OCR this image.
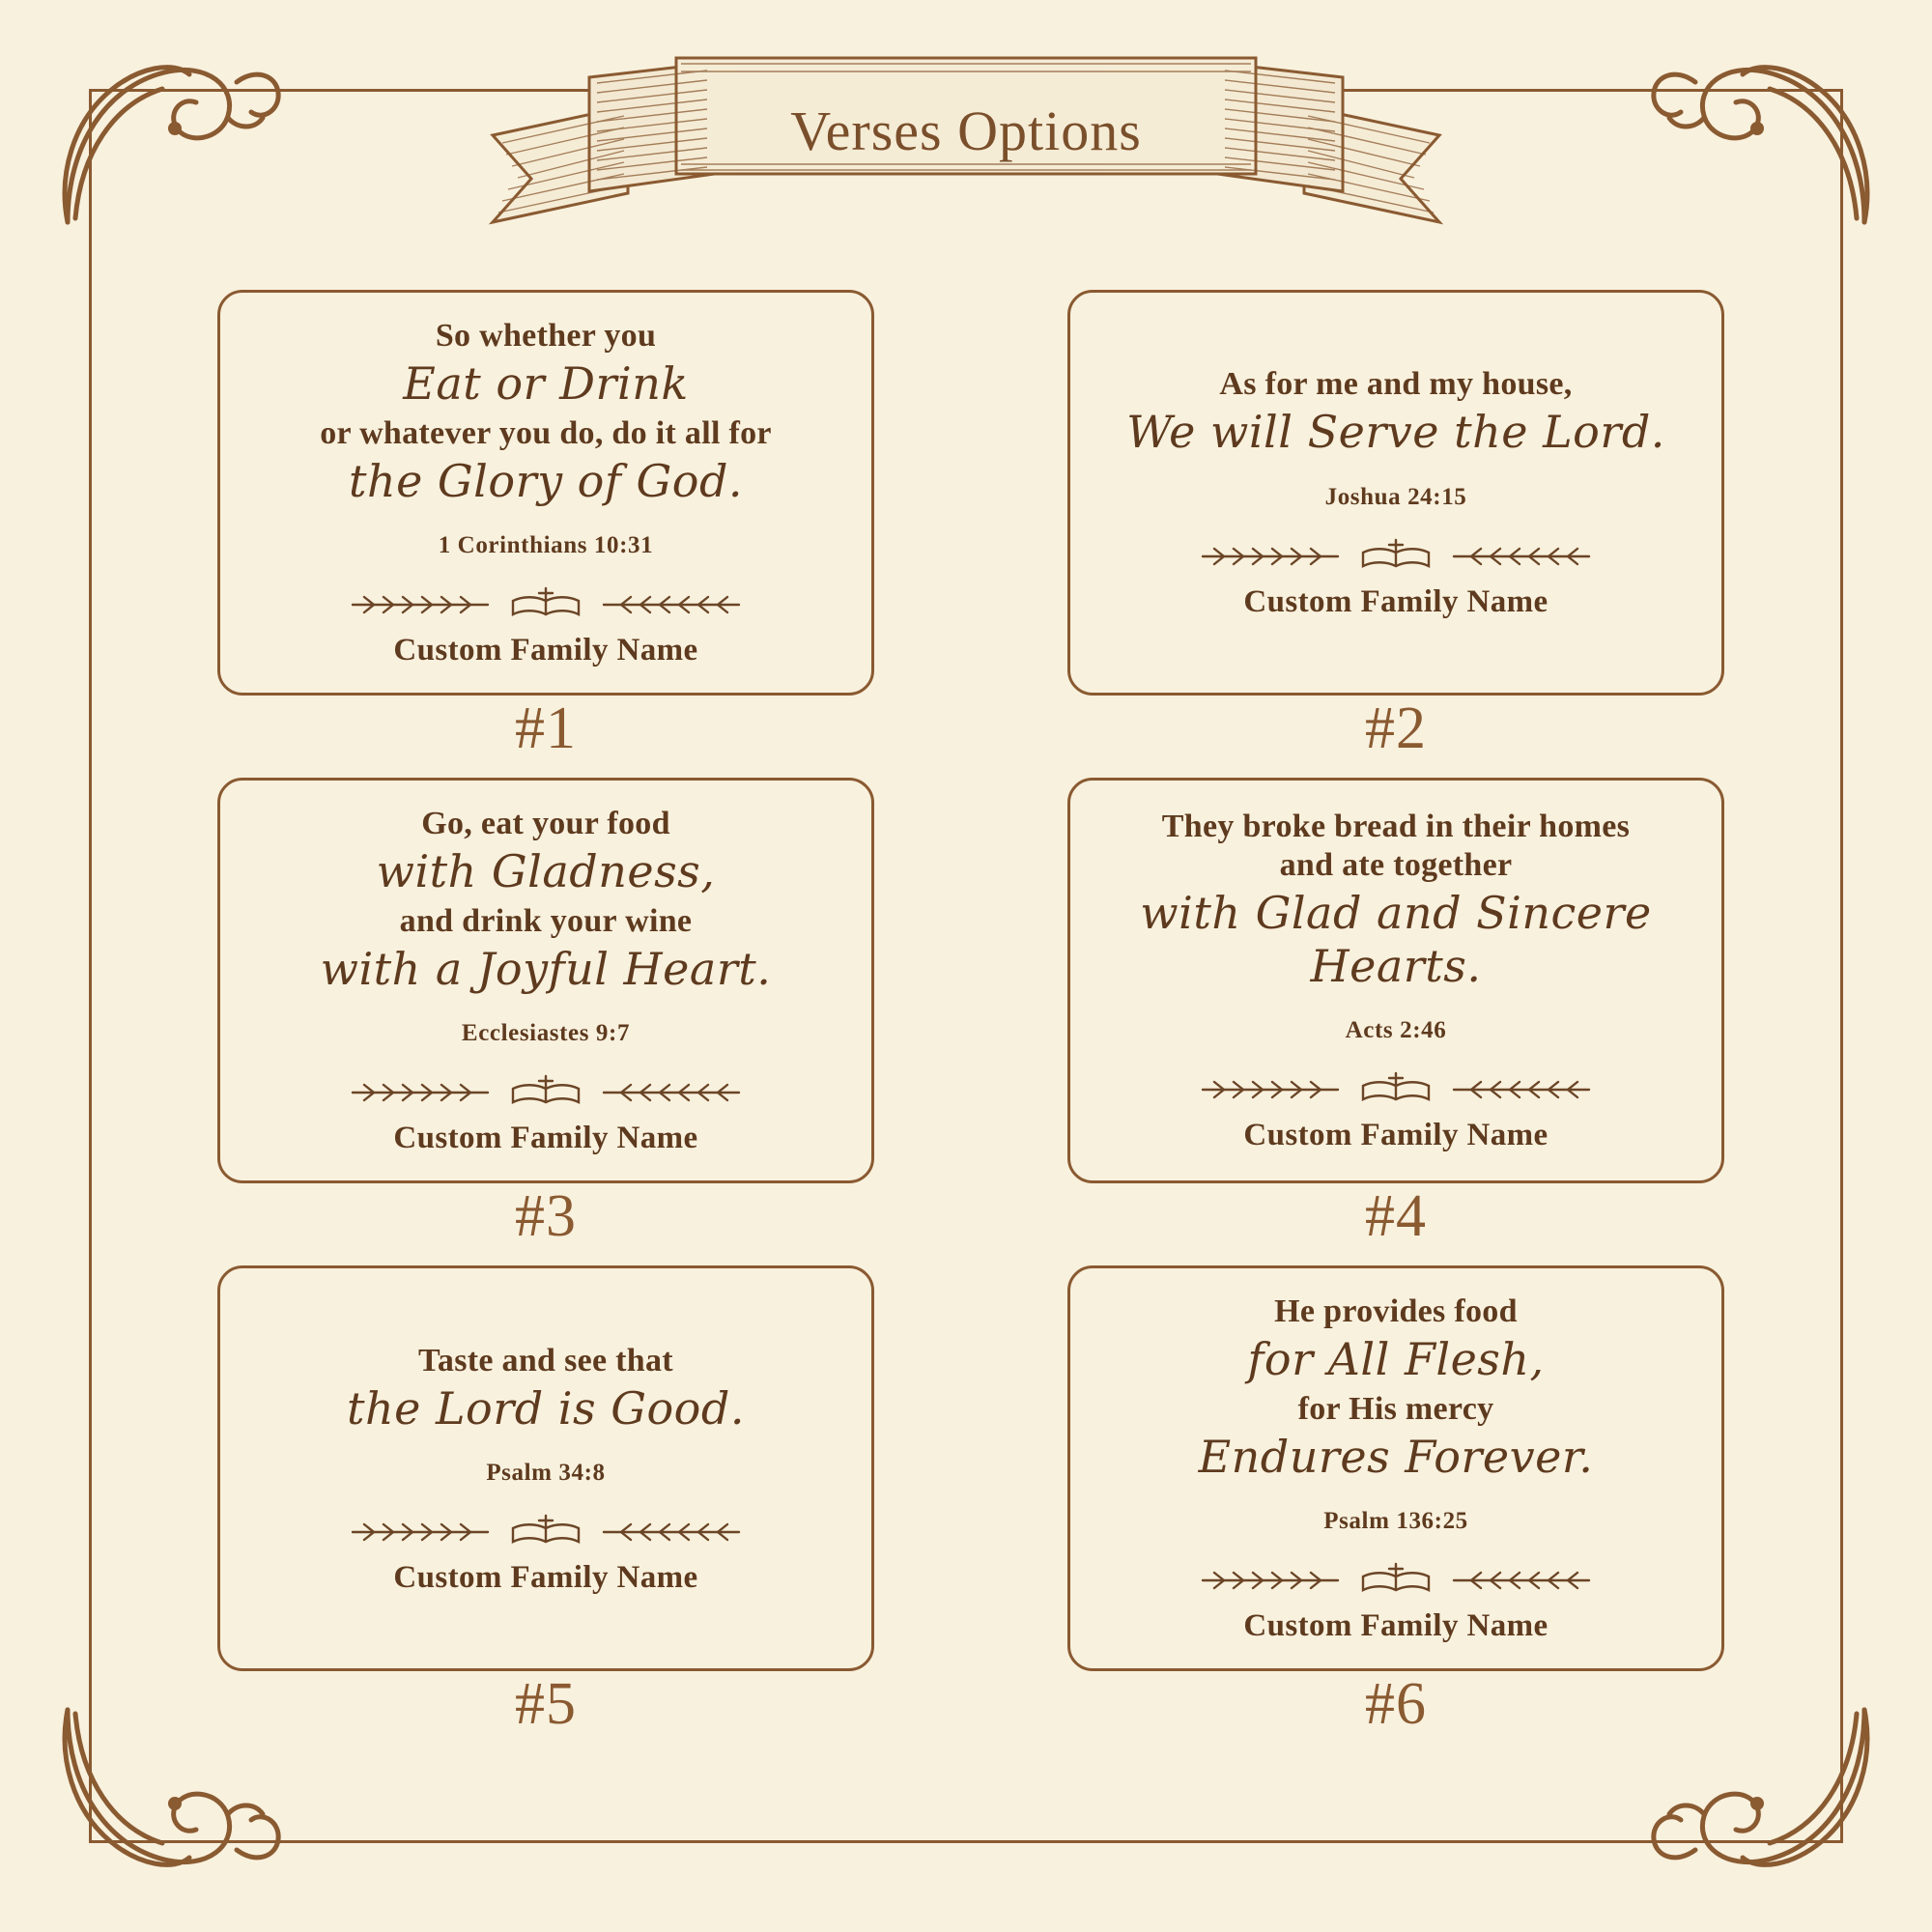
Verses Options
So whether you
Eat or Drink
or whatever you do, do it all for
the Glory of God.
1 Corinthians 10:31
Custom Family Name
#1
As for me and my house,
We will Serve the Lord.
Joshua 24:15
Custom Family Name
#2
Go, eat your food
with Gladness,
and drink your wine
with a Joyful Heart.
Ecclesiastes 9:7
Custom Family Name
#3
They broke bread in their homes
and ate together
with Glad and Sincere Hearts.
Acts 2:46
Custom Family Name
#4
Taste and see that
the Lord is Good.
Psalm 34:8
Custom Family Name
#5
He provides food
for All Flesh,
for His mercy
Endures Forever.
Psalm 136:25
Custom Family Name
#6
